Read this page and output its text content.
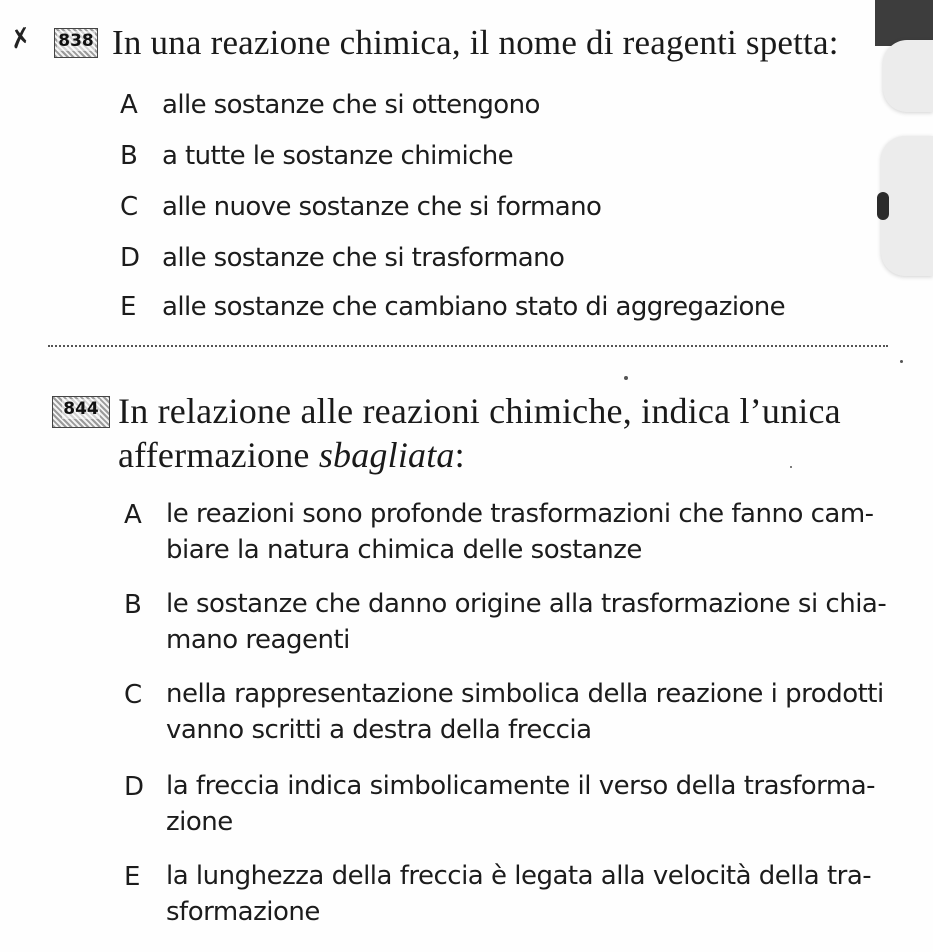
✗ 838 In una reazione chimica, il nome di reagenti spetta:
A alle sostanze che si ottengono
B a tutte le sostanze chimiche
C alle nuove sostanze che si formano
D alle sostanze che si trasformano
E alle sostanze che cambiano stato di aggregazione
844 In relazione alle reazioni chimiche, indica l’unica
affermazione sbagliata:
A le reazioni sono profonde trasformazioni che fanno cam-
biare la natura chimica delle sostanze
B le sostanze che danno origine alla trasformazione si chia-
mano reagenti
C nella rappresentazione simbolica della reazione i prodotti
vanno scritti a destra della freccia
D la freccia indica simbolicamente il verso della trasforma-
zione
E la lunghezza della freccia è legata alla velocità della tra-
sformazione
